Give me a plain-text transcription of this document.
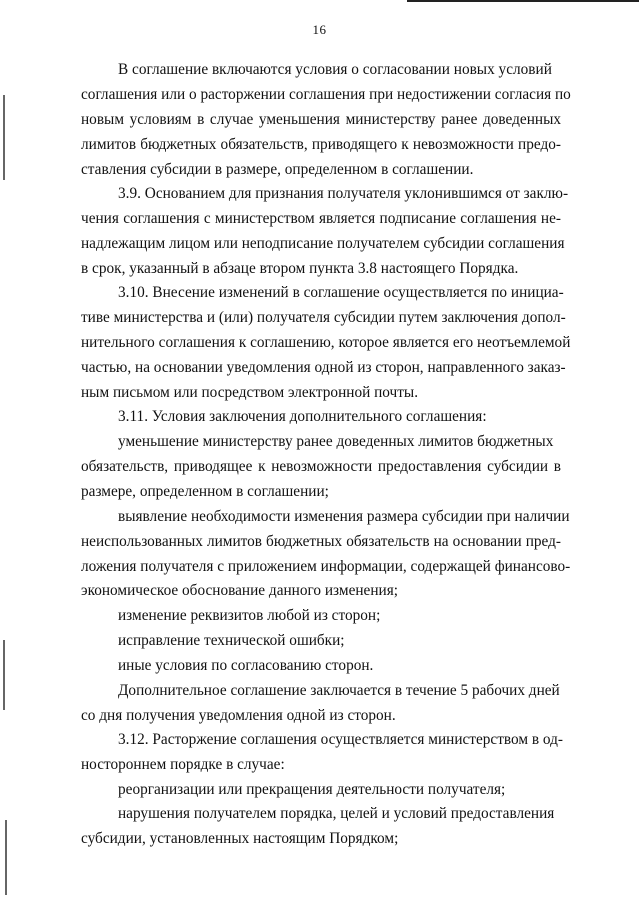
16
В соглашение включаются условия о согласовании новых условий
соглашения или о расторжении соглашения при недостижении согласия по
новым условиям в случае уменьшения министерству ранее доведенных
лимитов бюджетных обязательств, приводящего к невозможности предо-
ставления субсидии в размере, определенном в соглашении.
3.9. Основанием для признания получателя уклонившимся от заклю-
чения соглашения с министерством является подписание соглашения не-
надлежащим лицом или неподписание получателем субсидии соглашения
в срок, указанный в абзаце втором пункта 3.8 настоящего Порядка.
3.10. Внесение изменений в соглашение осуществляется по инициа-
тиве министерства и (или) получателя субсидии путем заключения допол-
нительного соглашения к соглашению, которое является его неотъемлемой
частью, на основании уведомления одной из сторон, направленного заказ-
ным письмом или посредством электронной почты.
3.11. Условия заключения дополнительного соглашения:
уменьшение министерству ранее доведенных лимитов бюджетных
обязательств, приводящее к невозможности предоставления субсидии в
размере, определенном в соглашении;
выявление необходимости изменения размера субсидии при наличии
неиспользованных лимитов бюджетных обязательств на основании пред-
ложения получателя с приложением информации, содержащей финансово-
экономическое обоснование данного изменения;
изменение реквизитов любой из сторон;
исправление технической ошибки;
иные условия по согласованию сторон.
Дополнительное соглашение заключается в течение 5 рабочих дней
со дня получения уведомления одной из сторон.
3.12. Расторжение соглашения осуществляется министерством в од-
ностороннем порядке в случае:
реорганизации или прекращения деятельности получателя;
нарушения получателем порядка, целей и условий предоставления
субсидии, установленных настоящим Порядком;
